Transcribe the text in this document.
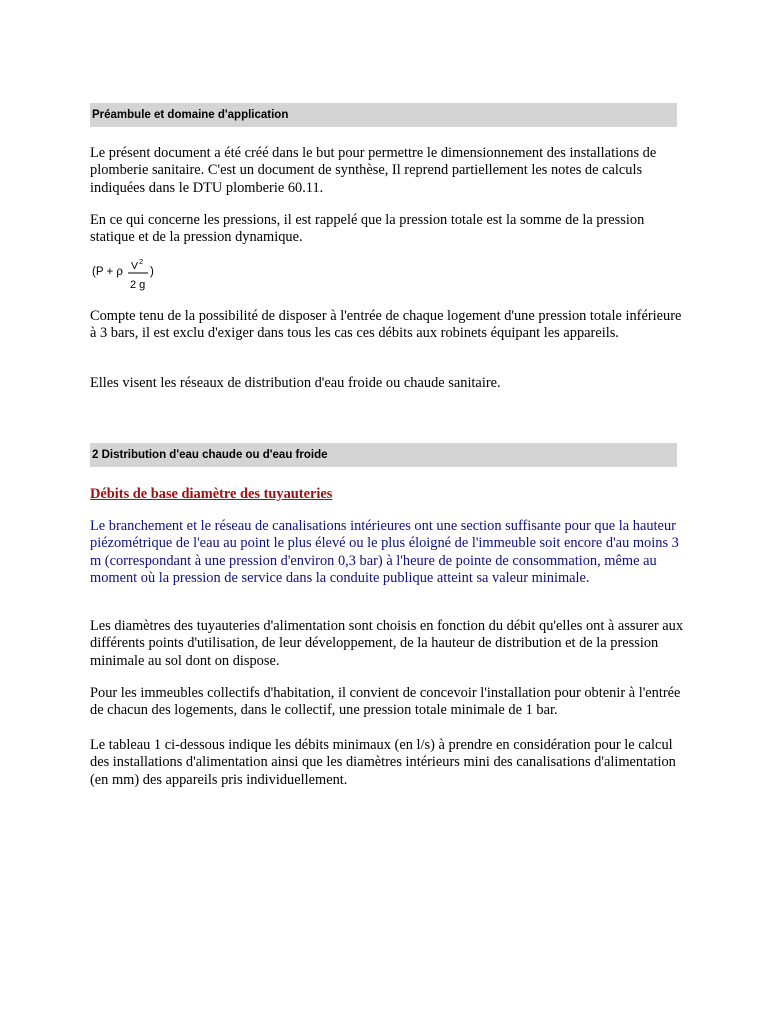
Préambule et domaine d'application

Le présent document a été créé dans le but pour permettre le dimensionnement des installations de plomberie sanitaire. C'est un document de synthèse, Il reprend partiellement les notes de calculs indiquées dans le DTU plomberie 60.11.

En ce qui concerne les pressions, il est rappelé que la pression totale est la somme de la pression statique et de la pression dynamique.

(P + ρ V 2
2 g
)

Compte tenu de la possibilité de disposer à l'entrée de chaque logement d'une pression totale inférieure à 3 bars, il est exclu d'exiger dans tous les cas ces débits aux robinets équipant les appareils.

Elles visent les réseaux de distribution d'eau froide ou chaude sanitaire.

2 Distribution d'eau chaude ou d'eau froide

Débits de base diamètre des tuyauteries

Le branchement et le réseau de canalisations intérieures ont une section suffisante pour que la hauteur piézométrique de l'eau au point le plus élevé ou le plus éloigné de l'immeuble soit encore d'au moins 3 m (correspondant à une pression d'environ 0,3 bar) à l'heure de pointe de consommation, même au moment où la pression de service dans la conduite publique atteint sa valeur minimale.

Les diamètres des tuyauteries d'alimentation sont choisis en fonction du débit qu'elles ont à assurer aux différents points d'utilisation, de leur développement, de la hauteur de distribution et de la pression minimale au sol dont on dispose.

Pour les immeubles collectifs d'habitation, il convient de concevoir l'installation pour obtenir à l'entrée de chacun des logements, dans le collectif, une pression totale minimale de 1 bar.

Le tableau 1 ci-dessous indique les débits minimaux (en l/s) à prendre en considération pour le calcul des installations d'alimentation ainsi que les diamètres intérieurs mini des canalisations d'alimentation (en mm) des appareils pris individuellement.
